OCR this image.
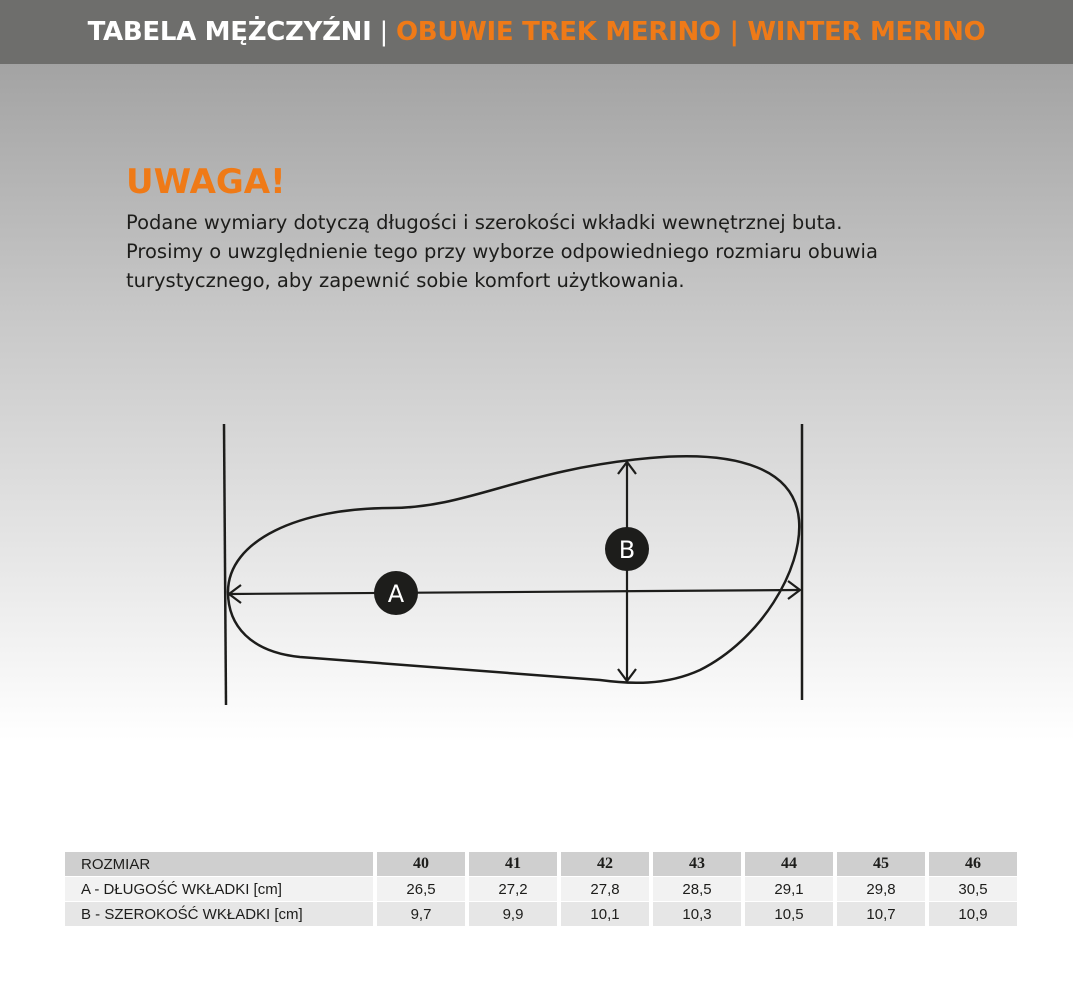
TABELA MĘŻCZYŹNI | OBUWIE TREK MERINO | WINTER MERINO
UWAGA!

Podane wymiary dotyczą długości i szerokości wkładki wewnętrznej buta.
Prosimy o uwzględnienie tego przy wyborze odpowiedniego rozmiaru obuwia
turystycznego, aby zapewnić sobie komfort użytkowania.

A
B
ROZMIAR	40	41	42	43	44	45	46
A - DŁUGOŚĆ WKŁADKI [cm]	26,5	27,2	27,8	28,5	29,1	29,8	30,5
B - SZEROKOŚĆ WKŁADKI [cm]	9,7	9,9	10,1	10,3	10,5	10,7	10,9
